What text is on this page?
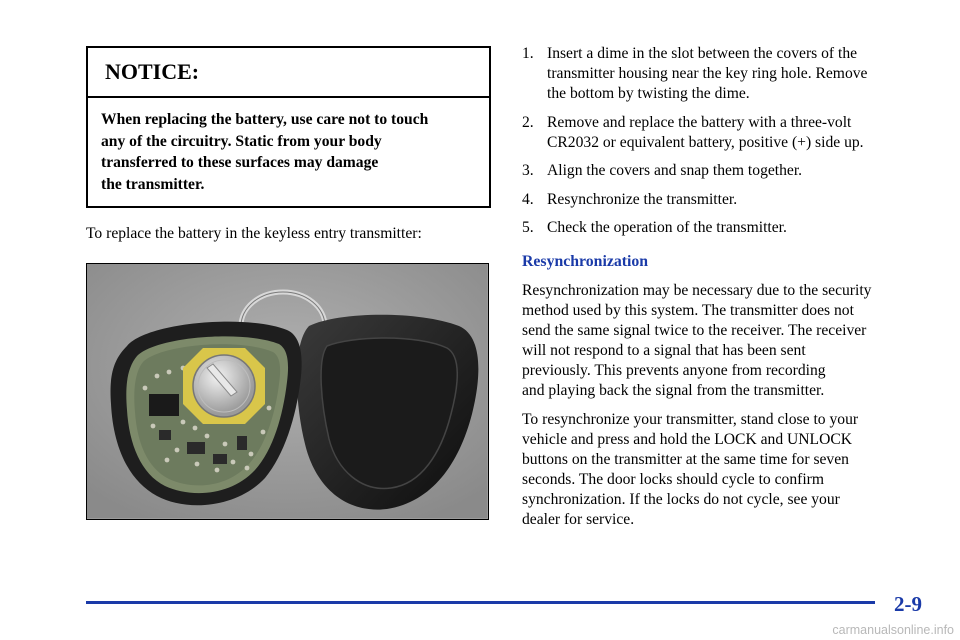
NOTICE:
When replacing the battery, use care not to touch
any of the circuitry. Static from your body
transferred to these surfaces may damage
the transmitter.
To replace the battery in the keyless entry transmitter:
1. Insert a dime in the slot between the covers of the
transmitter housing near the key ring hole. Remove
the bottom by twisting the dime.
2. Remove and replace the battery with a three-volt
CR2032 or equivalent battery, positive (+) side up.
3. Align the covers and snap them together.
4. Resynchronize the transmitter.
5. Check the operation of the transmitter.
Resynchronization
Resynchronization may be necessary due to the security
method used by this system. The transmitter does not
send the same signal twice to the receiver. The receiver
will not respond to a signal that has been sent
previously. This prevents anyone from recording
and playing back the signal from the transmitter.
To resynchronize your transmitter, stand close to your
vehicle and press and hold the LOCK and UNLOCK
buttons on the transmitter at the same time for seven
seconds. The door locks should cycle to confirm
synchronization. If the locks do not cycle, see your
dealer for service.
2-9
carmanualsonline.info
